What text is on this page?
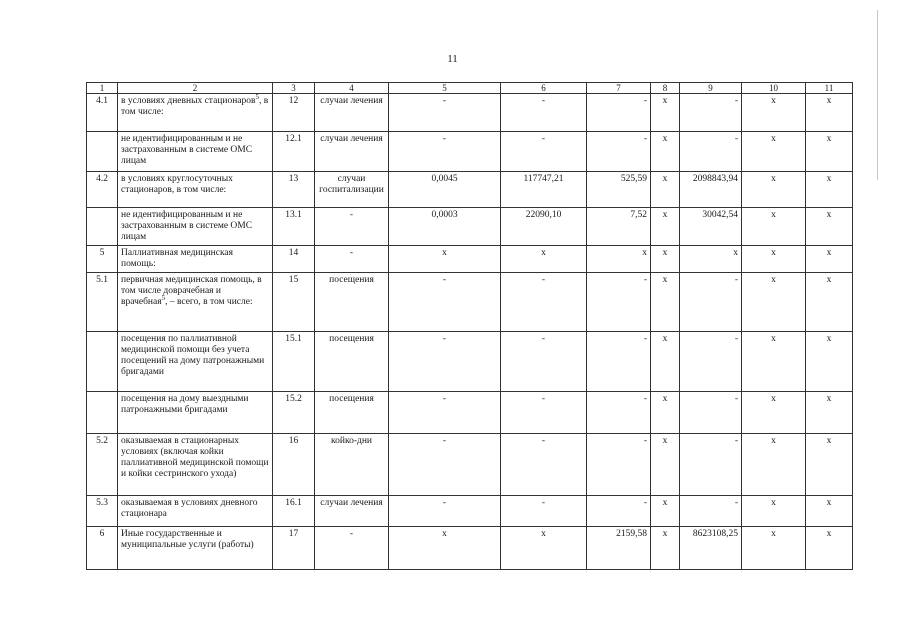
11
1	2	3	4	5	6	7	8	9	10	11
4.1	в условиях дневных стационаров$^5$, в том числе:	12	случаи лечения	-	-	-	x	-	x	x
	не идентифицированным и не застрахованным в системе ОМС лицам	12.1	случаи лечения	-	-	-	x	-	x	x
4.2	в условиях круглосуточных стационаров, в том числе:	13	случаи госпитализации	0,0045	117747,21	525,59	x	2098843,94	x	x
	не идентифицированным и не застрахованным в системе ОМС лицам	13.1	-	0,0003	22090,10	7,52	x	30042,54	x	x
5	Паллиативная медицинская помощь:	14	-	x	x	x	x	x	x	x
5.1	первичная медицинская помощь, в том числе доврачебная и врачебная$^5$, – всего, в том числе:	15	посещения	-	-	-	x	-	x	x
	посещения по паллиативной медицинской помощи без учета посещений на дому патронажными бригадами	15.1	посещения	-	-	-	x	-	x	x
	посещения на дому выездными патронажными бригадами	15.2	посещения	-	-	-	x	-	x	x
5.2	оказываемая в стационарных условиях (включая койки паллиативной медицинской помощи и койки сестринского ухода)	16	койко-дни	-	-	-	x	-	x	x
5.3	оказываемая в условиях дневного стационара	16.1	случаи лечения	-	-	-	x	-	x	x
6	Иные государственные и муниципальные услуги (работы)	17	-	x	x	2159,58	x	8623108,25	x	x
